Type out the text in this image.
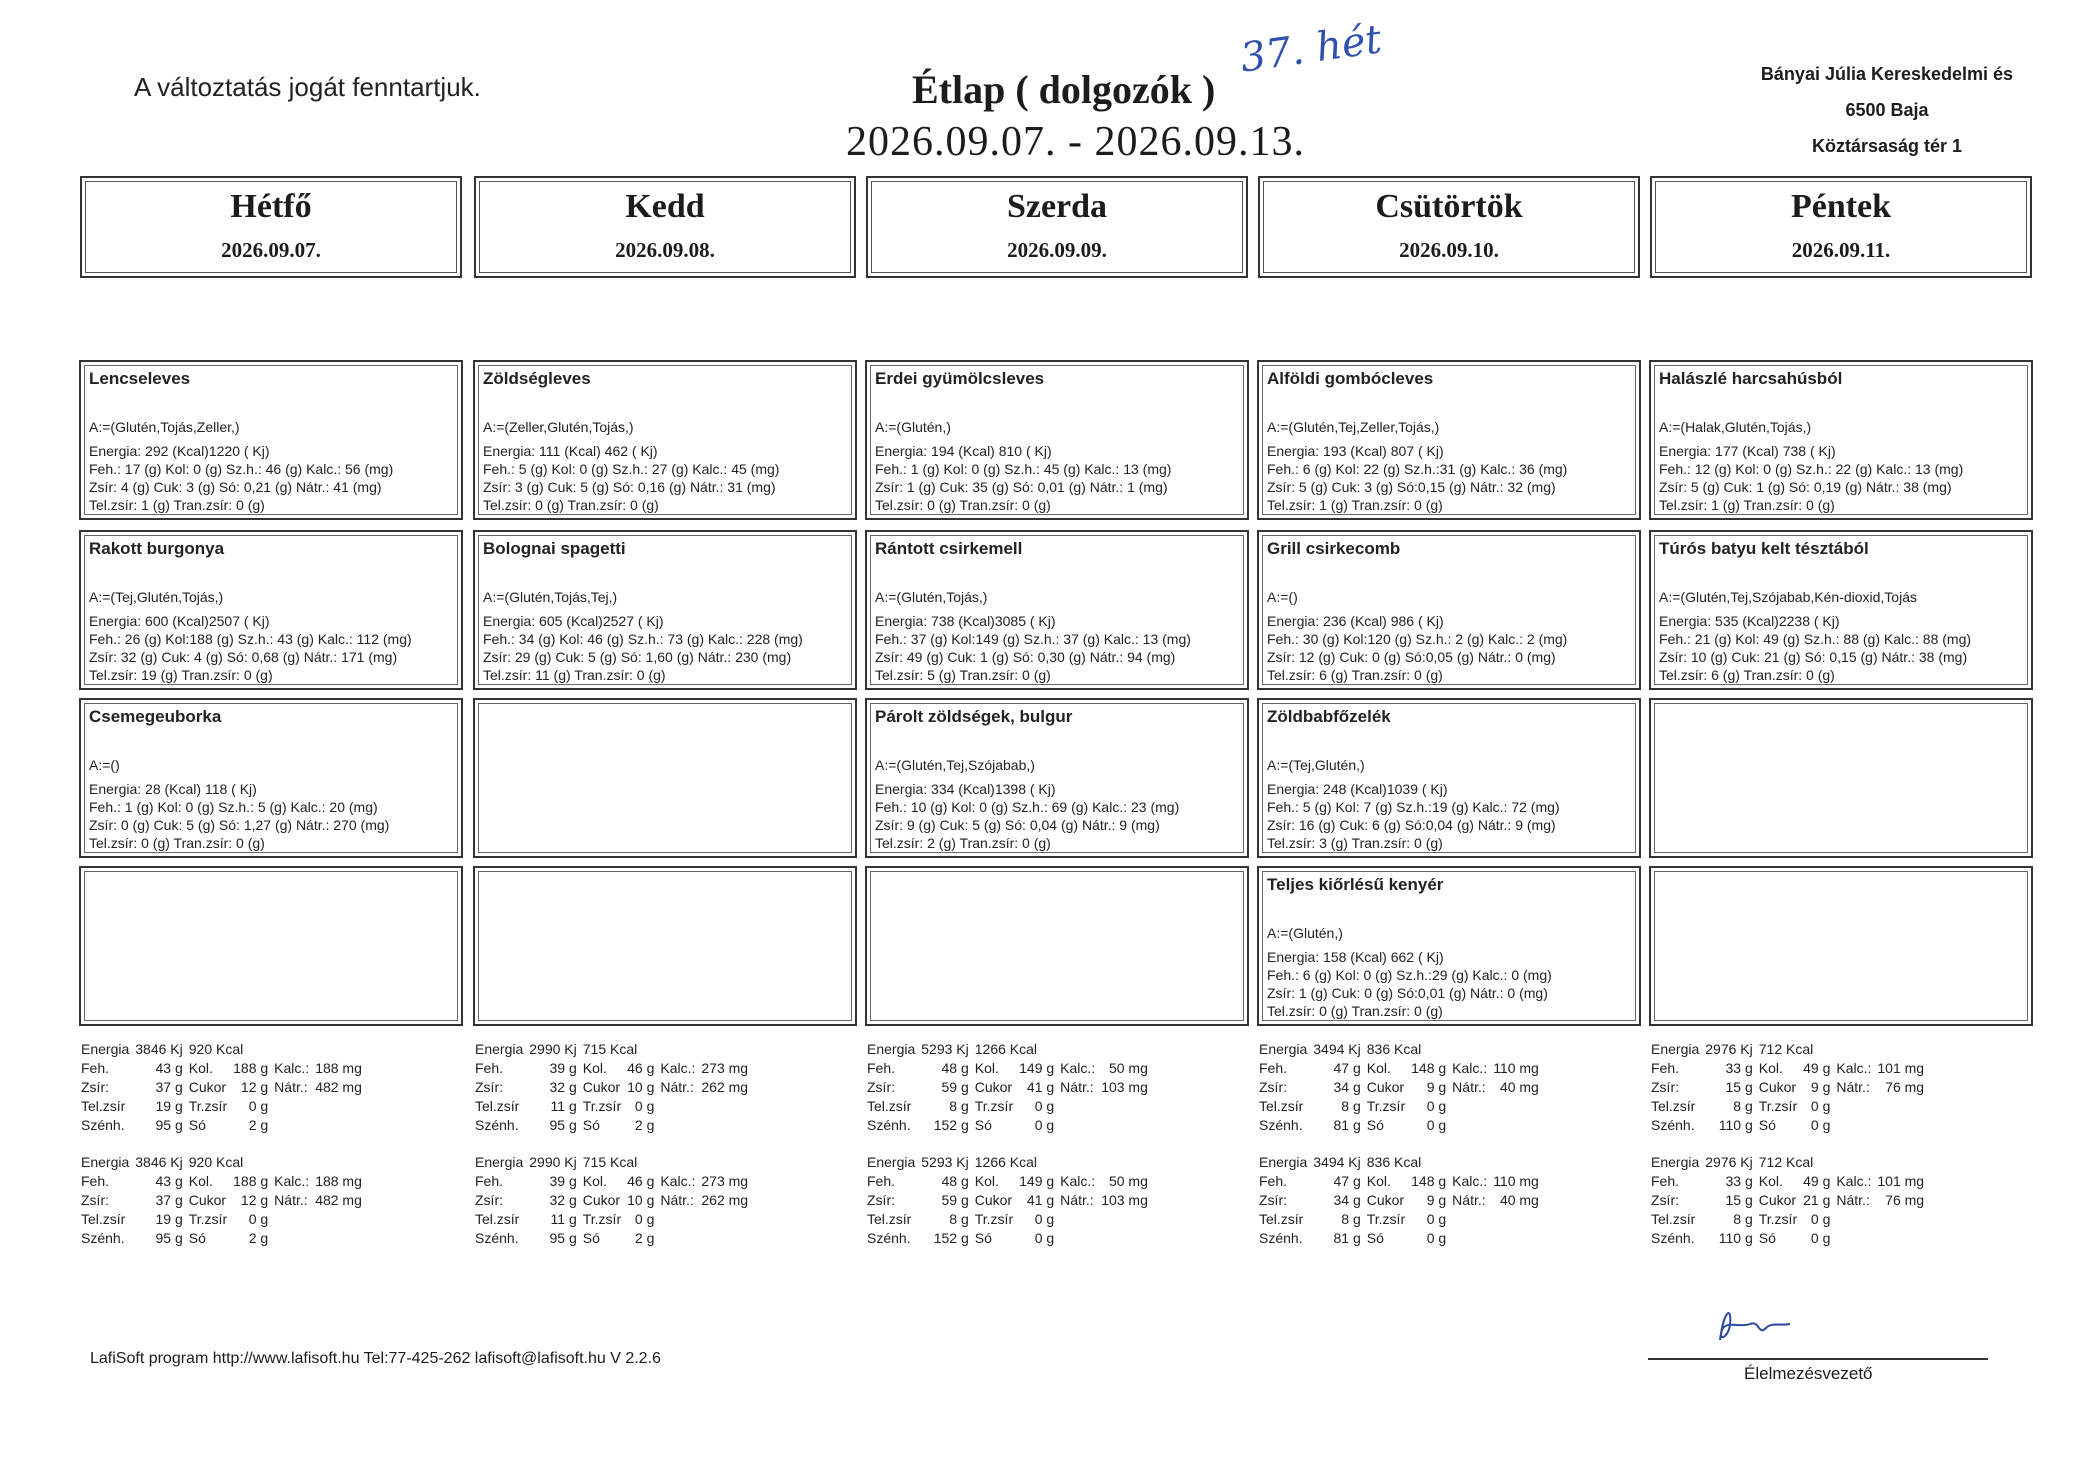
A változtatás jogát fenntartjuk.	Étlap ( dolgozók )
37. hét
2026.09.07. - 2026.09.13.
Bányai Júlia Kereskedelmi és
6500 Baja
Köztársaság tér 1
Hétfő
2026.09.07.
Lencseleves
A:=(Glutén,Tojás,Zeller,)
Energia: 292 (Kcal)1220 ( Kj)
Feh.: 17 (g) Kol: 0 (g) Sz.h.: 46 (g) Kalc.: 56 (mg)
Zsír: 4 (g) Cuk: 3 (g) Só: 0,21 (g) Nátr.: 41 (mg)
Tel.zsír: 1 (g) Tran.zsír: 0 (g)
Rakott burgonya
A:=(Tej,Glutén,Tojás,)
Energia: 600 (Kcal)2507 ( Kj)
Feh.: 26 (g) Kol:188 (g) Sz.h.: 43 (g) Kalc.: 112 (mg)
Zsír: 32 (g) Cuk: 4 (g) Só: 0,68 (g) Nátr.: 171 (mg)
Tel.zsír: 19 (g) Tran.zsír: 0 (g)
Csemegeuborka
A:=()
Energia: 28 (Kcal) 118 ( Kj)
Feh.: 1 (g) Kol: 0 (g) Sz.h.: 5 (g) Kalc.: 20 (mg)
Zsír: 0 (g) Cuk: 5 (g) Só: 1,27 (g) Nátr.: 270 (mg)
Tel.zsír: 0 (g) Tran.zsír: 0 (g)
Energia	3846 Kj	920 Kcal			
Feh.	43 g	Kol.	188 g	Kalc.:	188 mg
Zsír:	37 g	Cukor	12 g	Nátr.:	482 mg
Tel.zsír	19 g	Tr.zsír	0 g		
Szénh.	95 g	Só	2 g		
Energia	3846 Kj	920 Kcal			
Feh.	43 g	Kol.	188 g	Kalc.:	188 mg
Zsír:	37 g	Cukor	12 g	Nátr.:	482 mg
Tel.zsír	19 g	Tr.zsír	0 g		
Szénh.	95 g	Só	2 g		
Kedd
2026.09.08.
Zöldségleves
A:=(Zeller,Glutén,Tojás,)
Energia: 111 (Kcal) 462 ( Kj)
Feh.: 5 (g) Kol: 0 (g) Sz.h.: 27 (g) Kalc.: 45 (mg)
Zsír: 3 (g) Cuk: 5 (g) Só: 0,16 (g) Nátr.: 31 (mg)
Tel.zsír: 0 (g) Tran.zsír: 0 (g)
Bolognai spagetti
A:=(Glutén,Tojás,Tej,)
Energia: 605 (Kcal)2527 ( Kj)
Feh.: 34 (g) Kol: 46 (g) Sz.h.: 73 (g) Kalc.: 228 (mg)
Zsír: 29 (g) Cuk: 5 (g) Só: 1,60 (g) Nátr.: 230 (mg)
Tel.zsír: 11 (g) Tran.zsír: 0 (g)
Energia	2990 Kj	715 Kcal			
Feh.	39 g	Kol.	46 g	Kalc.:	273 mg
Zsír:	32 g	Cukor	10 g	Nátr.:	262 mg
Tel.zsír	11 g	Tr.zsír	0 g		
Szénh.	95 g	Só	2 g		
Energia	2990 Kj	715 Kcal			
Feh.	39 g	Kol.	46 g	Kalc.:	273 mg
Zsír:	32 g	Cukor	10 g	Nátr.:	262 mg
Tel.zsír	11 g	Tr.zsír	0 g		
Szénh.	95 g	Só	2 g		
Szerda
2026.09.09.
Erdei gyümölcsleves
A:=(Glutén,)
Energia: 194 (Kcal) 810 ( Kj)
Feh.: 1 (g) Kol: 0 (g) Sz.h.: 45 (g) Kalc.: 13 (mg)
Zsír: 1 (g) Cuk: 35 (g) Só: 0,01 (g) Nátr.: 1 (mg)
Tel.zsír: 0 (g) Tran.zsír: 0 (g)
Rántott csirkemell
A:=(Glutén,Tojás,)
Energia: 738 (Kcal)3085 ( Kj)
Feh.: 37 (g) Kol:149 (g) Sz.h.: 37 (g) Kalc.: 13 (mg)
Zsír: 49 (g) Cuk: 1 (g) Só: 0,30 (g) Nátr.: 94 (mg)
Tel.zsír: 5 (g) Tran.zsír: 0 (g)
Párolt zöldségek, bulgur
A:=(Glutén,Tej,Szójabab,)
Energia: 334 (Kcal)1398 ( Kj)
Feh.: 10 (g) Kol: 0 (g) Sz.h.: 69 (g) Kalc.: 23 (mg)
Zsír: 9 (g) Cuk: 5 (g) Só: 0,04 (g) Nátr.: 9 (mg)
Tel.zsír: 2 (g) Tran.zsír: 0 (g)
Energia	5293 Kj	1266 Kcal			
Feh.	48 g	Kol.	149 g	Kalc.:	50 mg
Zsír:	59 g	Cukor	41 g	Nátr.:	103 mg
Tel.zsír	8 g	Tr.zsír	0 g		
Szénh.	152 g	Só	0 g		
Energia	5293 Kj	1266 Kcal			
Feh.	48 g	Kol.	149 g	Kalc.:	50 mg
Zsír:	59 g	Cukor	41 g	Nátr.:	103 mg
Tel.zsír	8 g	Tr.zsír	0 g		
Szénh.	152 g	Só	0 g		
Csütörtök
2026.09.10.
Alföldi gombócleves
A:=(Glutén,Tej,Zeller,Tojás,)
Energia: 193 (Kcal) 807 ( Kj)
Feh.: 6 (g) Kol: 22 (g) Sz.h.:31 (g) Kalc.: 36 (mg)
Zsír: 5 (g) Cuk: 3 (g) Só:0,15 (g) Nátr.: 32 (mg)
Tel.zsír: 1 (g) Tran.zsír: 0 (g)
Grill csirkecomb
A:=()
Energia: 236 (Kcal) 986 ( Kj)
Feh.: 30 (g) Kol:120 (g) Sz.h.: 2 (g) Kalc.: 2 (mg)
Zsír: 12 (g) Cuk: 0 (g) Só:0,05 (g) Nátr.: 0 (mg)
Tel.zsír: 6 (g) Tran.zsír: 0 (g)
Zöldbabfőzelék
A:=(Tej,Glutén,)
Energia: 248 (Kcal)1039 ( Kj)
Feh.: 5 (g) Kol: 7 (g) Sz.h.:19 (g) Kalc.: 72 (mg)
Zsír: 16 (g) Cuk: 6 (g) Só:0,04 (g) Nátr.: 9 (mg)
Tel.zsír: 3 (g) Tran.zsír: 0 (g)
Teljes kiőrlésű kenyér
A:=(Glutén,)
Energia: 158 (Kcal) 662 ( Kj)
Feh.: 6 (g) Kol: 0 (g) Sz.h.:29 (g) Kalc.: 0 (mg)
Zsír: 1 (g) Cuk: 0 (g) Só:0,01 (g) Nátr.: 0 (mg)
Tel.zsír: 0 (g) Tran.zsír: 0 (g)
Energia	3494 Kj	836 Kcal			
Feh.	47 g	Kol.	148 g	Kalc.:	110 mg
Zsír:	34 g	Cukor	9 g	Nátr.:	40 mg
Tel.zsír	8 g	Tr.zsír	0 g		
Szénh.	81 g	Só	0 g		
Energia	3494 Kj	836 Kcal			
Feh.	47 g	Kol.	148 g	Kalc.:	110 mg
Zsír:	34 g	Cukor	9 g	Nátr.:	40 mg
Tel.zsír	8 g	Tr.zsír	0 g		
Szénh.	81 g	Só	0 g		
Péntek
2026.09.11.
Halászlé harcsahúsból
A:=(Halak,Glutén,Tojás,)
Energia: 177 (Kcal) 738 ( Kj)
Feh.: 12 (g) Kol: 0 (g) Sz.h.: 22 (g) Kalc.: 13 (mg)
Zsír: 5 (g) Cuk: 1 (g) Só: 0,19 (g) Nátr.: 38 (mg)
Tel.zsír: 1 (g) Tran.zsír: 0 (g)
Túrós batyu kelt tésztából
A:=(Glutén,Tej,Szójabab,Kén-dioxid,Tojás
Energia: 535 (Kcal)2238 ( Kj)
Feh.: 21 (g) Kol: 49 (g) Sz.h.: 88 (g) Kalc.: 88 (mg)
Zsír: 10 (g) Cuk: 21 (g) Só: 0,15 (g) Nátr.: 38 (mg)
Tel.zsír: 6 (g) Tran.zsír: 0 (g)
Energia	2976 Kj	712 Kcal			
Feh.	33 g	Kol.	49 g	Kalc.:	101 mg
Zsír:	15 g	Cukor	9 g	Nátr.:	76 mg
Tel.zsír	8 g	Tr.zsír	0 g		
Szénh.	110 g	Só	0 g		
Energia	2976 Kj	712 Kcal			
Feh.	33 g	Kol.	49 g	Kalc.:	101 mg
Zsír:	15 g	Cukor	21 g	Nátr.:	76 mg
Tel.zsír	8 g	Tr.zsír	0 g		
Szénh.	110 g	Só	0 g		
LafiSoft program http://www.lafisoft.hu Tel:77-425-262 lafisoft@lafisoft.hu V 2.2.6
Élelmezésvezető
